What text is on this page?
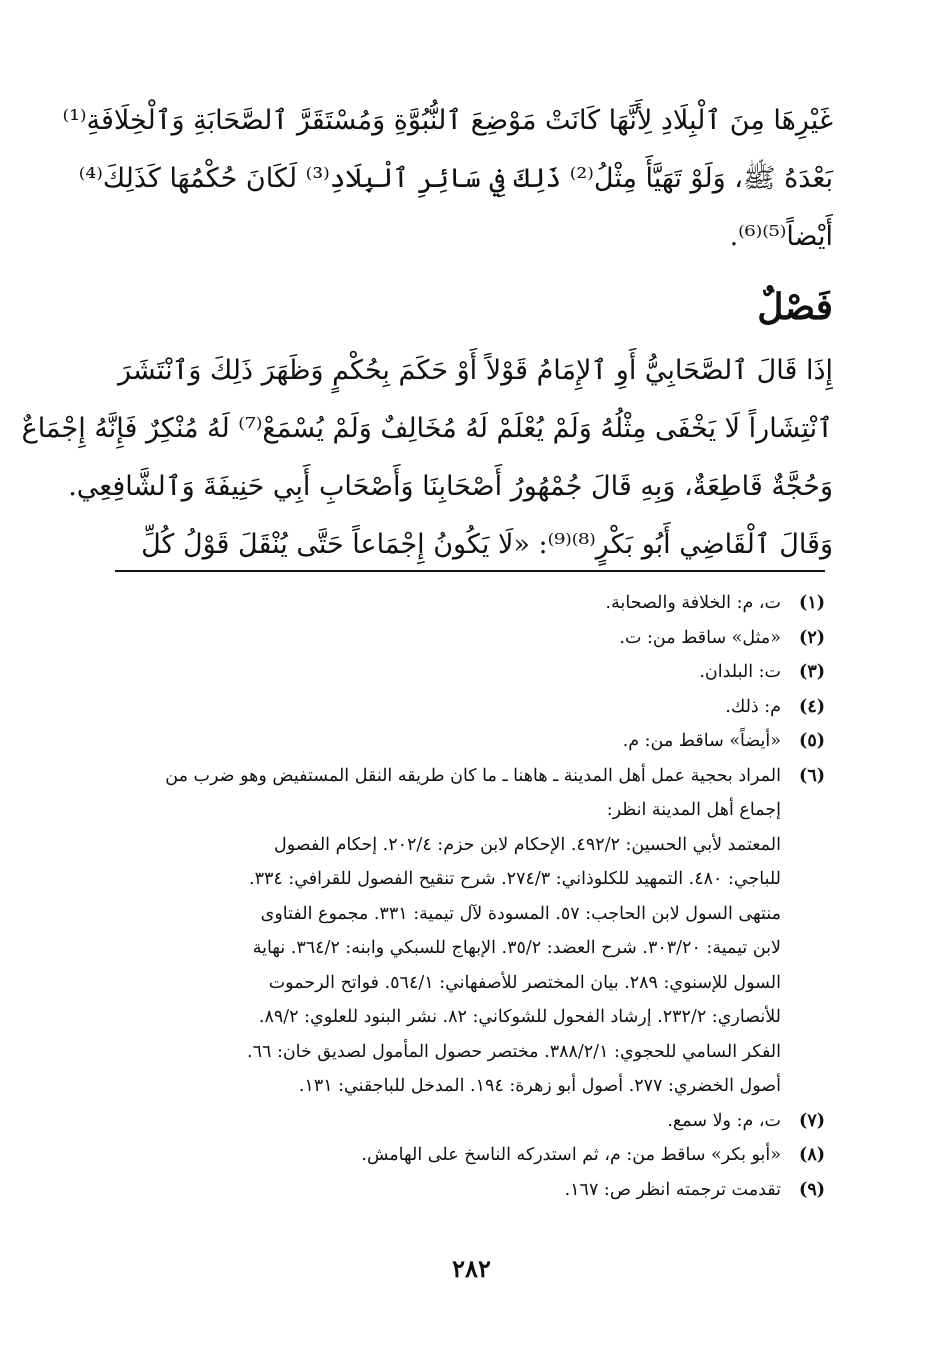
غَيْرِهَا مِنَ ٱلْبِلَادِ لِأَنَّهَا كَانَتْ مَوْضِعَ ٱلنُّبُوَّةِ وَمُسْتَقَرَّ ٱلصَّحَابَةِ وَٱلْخِلَافَةِ⁽¹⁾
بَعْدَهُ ﷺ، وَلَوْ تَهَيَّأَ مِثْلُ⁽²⁾ ذَلِكَ فِي سَائِرِ ٱلْبِلَادِ⁽³⁾ لَكَانَ حُكْمُهَا كَذَلِكَ⁽⁴⁾
أَيْضاً⁽⁵⁾⁽⁶⁾.
فَصْلٌ
إِذَا قَالَ ٱلصَّحَابِيُّ أَوِ ٱلإِمَامُ قَوْلاً أَوْ حَكَمَ بِحُكْمٍ وَظَهَرَ ذَلِكَ وَٱنْتَشَرَ
ٱنْتِشَاراً لَا يَخْفَى مِثْلُهُ وَلَمْ يُعْلَمْ لَهُ مُخَالِفٌ وَلَمْ يُسْمَعْ⁽⁷⁾ لَهُ مُنْكِرٌ فَإِنَّهُ إِجْمَاعٌ
وَحُجَّةٌ قَاطِعَةٌ، وَبِهِ قَالَ جُمْهُورُ أَصْحَابِنَا وَأَصْحَابِ أَبِي حَنِيفَةَ وَٱلشَّافِعِي.
وَقَالَ ٱلْقَاضِي أَبُو بَكْرٍ⁽⁸⁾⁽⁹⁾: «لَا يَكُونُ إِجْمَاعاً حَتَّى يُنْقَلَ قَوْلُ كُلِّ
(١)
ت، م: الخلافة والصحابة.
(٢)
«مثل» ساقط من: ت.
(٣)
ت: البلدان.
(٤)
م: ذلك.
(٥)
«أيضاً» ساقط من: م.
(٦)
المراد بحجية عمل أهل المدينة ـ هاهنا ـ ما كان طريقه النقل المستفيض وهو ضرب من
إجماع أهل المدينة انظر:
المعتمد لأبي الحسين: ٤٩٢/٢. الإحكام لابن حزم: ٢٠٢/٤. إحكام الفصول
للباجي: ٤٨٠. التمهيد للكلوذاني: ٢٧٤/٣. شرح تنقيح الفصول للقرافي: ٣٣٤.
منتهى السول لابن الحاجب: ٥٧. المسودة لآل تيمية: ٣٣١. مجموع الفتاوى
لابن تيمية: ٣٠٣/٢٠. شرح العضد: ٣٥/٢. الإبهاج للسبكي وابنه: ٣٦٤/٢. نهاية
السول للإسنوي: ٢٨٩. بيان المختصر للأصفهاني: ٥٦٤/١. فواتح الرحموت
للأنصاري: ٢٣٢/٢. إرشاد الفحول للشوكاني: ٨٢. نشر البنود للعلوي: ٨٩/٢.
الفكر السامي للحجوي: ٣٨٨/٢/١. مختصر حصول المأمول لصديق خان: ٦٦.
أصول الخضري: ٢٧٧. أصول أبو زهرة: ١٩٤. المدخل للباجقني: ١٣١.
(٧)
ت، م: ولا سمع.
(٨)
«أبو بكر» ساقط من: م، ثم استدركه الناسخ على الهامش.
(٩)
تقدمت ترجمته انظر ص: ١٦٧.
٢٨٢
